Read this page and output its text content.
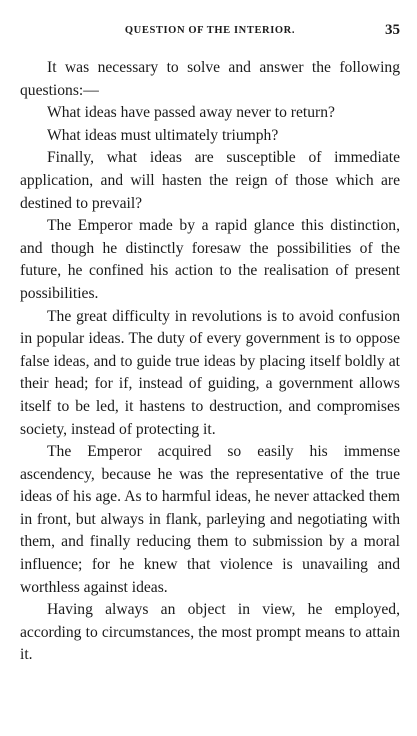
QUESTION OF THE INTERIOR.	35

It was necessary to solve and answer the following questions:—

What ideas have passed away never to return?

What ideas must ultimately triumph?

Finally, what ideas are susceptible of immediate application, and will hasten the reign of those which are destined to prevail?

The Emperor made by a rapid glance this distinction, and though he distinctly foresaw the possibilities of the future, he confined his action to the realisation of present possibilities.

The great difficulty in revolutions is to avoid confusion in popular ideas. The duty of every government is to oppose false ideas, and to guide true ideas by placing itself boldly at their head; for if, instead of guiding, a government allows itself to be led, it hastens to destruction, and compromises society, instead of protecting it.

The Emperor acquired so easily his immense ascendency, because he was the representative of the true ideas of his age. As to harmful ideas, he never attacked them in front, but always in flank, parleying and negotiating with them, and finally reducing them to submission by a moral influence; for he knew that violence is unavailing and worthless against ideas.

Having always an object in view, he employed, according to circumstances, the most prompt means to attain it.
